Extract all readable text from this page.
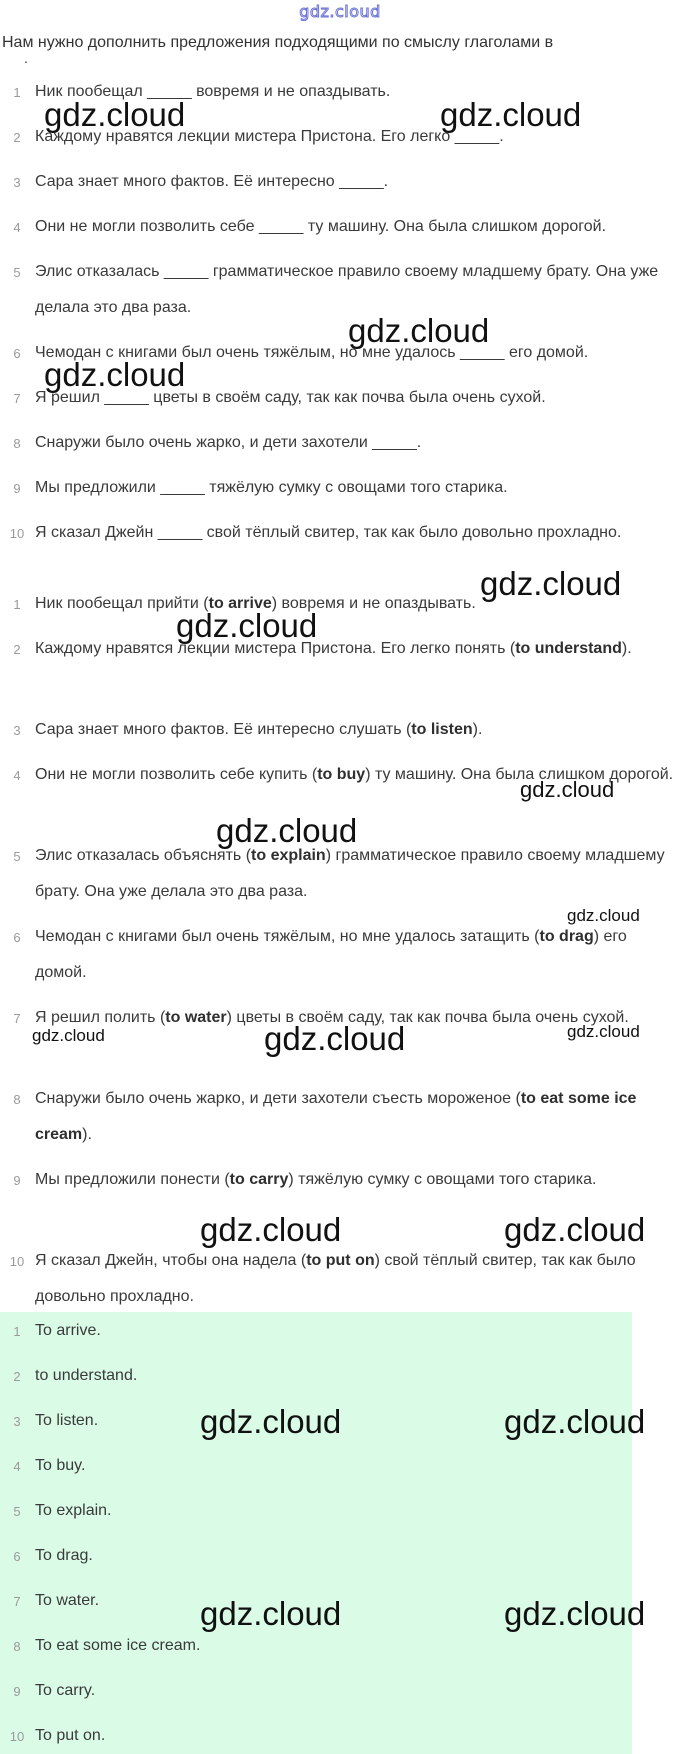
gdz.cloud
Нам нужно дополнить предложения подходящими по смыслу глаголами в
.
1 Ник пообещал _____ вовремя и не опаздывать.
2 Каждому нравятся лекции мистера Пристона. Его легко _____.
3 Сара знает много фактов. Её интересно _____.
4 Они не могли позволить себе _____ ту машину. Она была слишком дорогой.
5 Элис отказалась _____ грамматическое правило своему младшему брату. Она уже делала это два раза.
6 Чемодан с книгами был очень тяжёлым, но мне удалось _____ его домой.
7 Я решил _____ цветы в своём саду, так как почва была очень сухой.
8 Снаружи было очень жарко, и дети захотели _____.
9 Мы предложили _____ тяжёлую сумку с овощами того старика.
10 Я сказал Джейн _____ свой тёплый свитер, так как было довольно прохладно.
1 Ник пообещал прийти (to arrive) вовремя и не опаздывать.
2 Каждому нравятся лекции мистера Пристона. Его легко понять (to understand).
3 Сара знает много фактов. Её интересно слушать (to listen).
4 Они не могли позволить себе купить (to buy) ту машину. Она была слишком дорогой.
5 Элис отказалась объяснять (to explain) грамматическое правило своему младшему брату. Она уже делала это два раза.
6 Чемодан с книгами был очень тяжёлым, но мне удалось затащить (to drag) его домой.
7 Я решил полить (to water) цветы в своём саду, так как почва была очень сухой.
8 Снаружи было очень жарко, и дети захотели съесть мороженое (to eat some ice cream).
9 Мы предложили понести (to carry) тяжёлую сумку с овощами того старика.
10 Я сказал Джейн, чтобы она надела (to put on) свой тёплый свитер, так как было довольно прохладно.
1 To arrive.
2 to understand.
3 To listen.
4 To buy.
5 To explain.
6 To drag.
7 To water.
8 To eat some ice cream.
9 To carry.
10 To put on.
gdz.cloud	gdz.cloud
gdz.cloud
gdz.cloud
gdz.cloud
gdz.cloud
gdz.cloud
gdz.cloud
gdz.cloud
gdz.cloud	gdz.cloud	gdz.cloud
gdz.cloud	gdz.cloud
gdz.cloud	gdz.cloud
gdz.cloud	gdz.cloud
